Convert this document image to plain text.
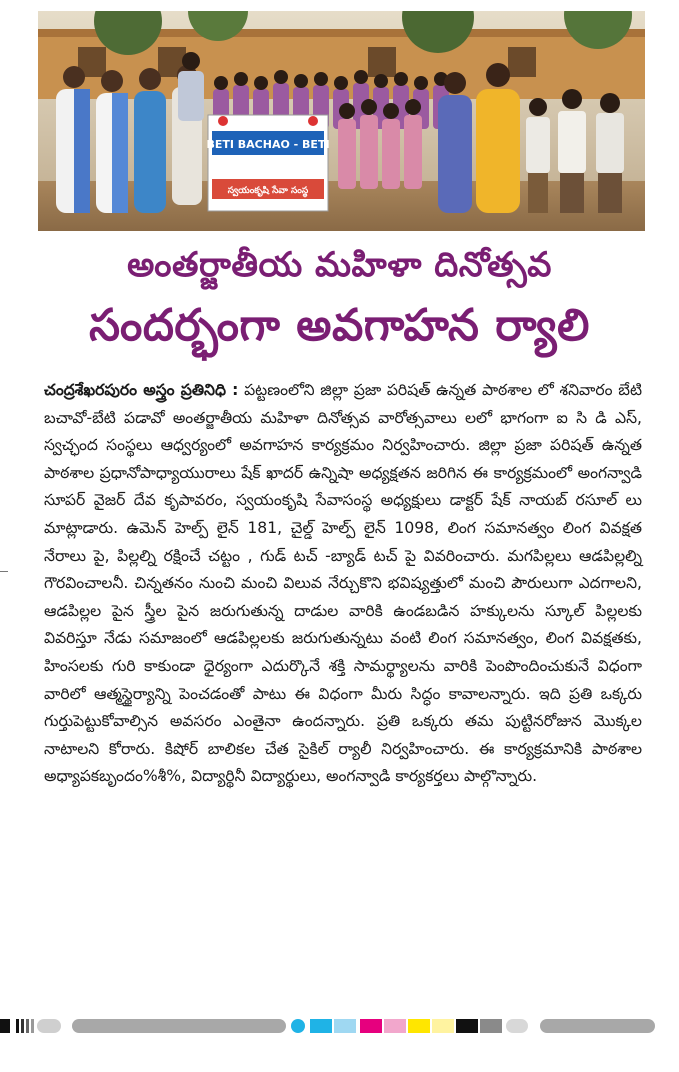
BETI BACHAO - BETI
స్వయంకృషి సేవా సంస్థ
అంతర్జాతీయ మహిళా దినోత్సవ
సందర్భంగా అవగాహన ర్యాలి

చంద్రశేఖరపురం అస్త్రం ప్రతినిధి : పట్టణంలోని జిల్లా ప్రజా పరిషత్ ఉన్నత పాఠశాల లో శనివారం బేటి బచావో-బేటి పడావో అంతర్జాతీయ మహిళా దినోత్సవ వారోత్సవాలు లలో భాగంగా ఐ సి డి ఎస్, స్వచ్ఛంద సంస్థలు ఆధ్వర్యంలో అవగాహన కార్యక్రమం నిర్వహించారు. జిల్లా ప్రజా పరిషత్ ఉన్నత పాఠశాల ప్రధానోపాధ్యాయురాలు షేక్ ఖాదర్ ఉన్నిషా అధ్యక్షతన జరిగిన ఈ కార్యక్రమంలో అంగన్వాడి సూపర్ వైజర్ దేవ కృపావరం, స్వయంకృషి సేవాసంస్థ అధ్యక్షులు డాక్టర్ షేక్ నాయబ్ రసూల్ లు మాట్లాడారు. ఉమెన్ హెల్ప్ లైన్ 181, చైల్డ్ హెల్ప్ లైన్ 1098, లింగ సమానత్వం లింగ వివక్షత నేరాలు పై, పిల్లల్ని రక్షించే చట్టం , గుడ్ టచ్ -బ్యాడ్ టచ్ పై వివరించారు. మగపిల్లలు ఆడపిల్లల్ని గౌరవించాలనీ. చిన్నతనం నుంచి మంచి విలువ నేర్చుకొని భవిష్యత్తులో మంచి పౌరులుగా ఎదగాలని, ఆడపిల్లల పైన స్త్రీల పైన జరుగుతున్న దాడుల వారికి ఉండబడిన హక్కులను స్కూల్ పిల్లలకు వివరిస్తూ నేడు సమాజంలో ఆడపిల్లలకు జరుగుతున్నటు వంటి లింగ సమానత్వం, లింగ వివక్షతకు, హింసలకు గురి కాకుండా ధైర్యంగా ఎదుర్కొనే శక్తి సామర్థ్యాలను వారికి పెంపొందించుకునే విధంగా వారిలో ఆత్మస్థైర్యాన్ని పెంచడంతో పాటు ఈ విధంగా మీరు సిద్ధం కావాలన్నారు. ఇది ప్రతి ఒక్కరు గుర్తుపెట్టుకోవాల్సిన అవసరం ఎంతైనా ఉందన్నారు. ప్రతి ఒక్కరు తమ పుట్టినరోజున మొక్కల నాటాలని కోరారు. కిషోర్ బాలికల చేత సైకిల్ ర్యాలీ నిర్వహించారు. ఈ కార్యక్రమానికి పాఠశాల అధ్యాపకబృందం%శీ%, విద్యార్థినీ విద్యార్థులు, అంగన్వాడి కార్యకర్తలు పాల్గొన్నారు.
